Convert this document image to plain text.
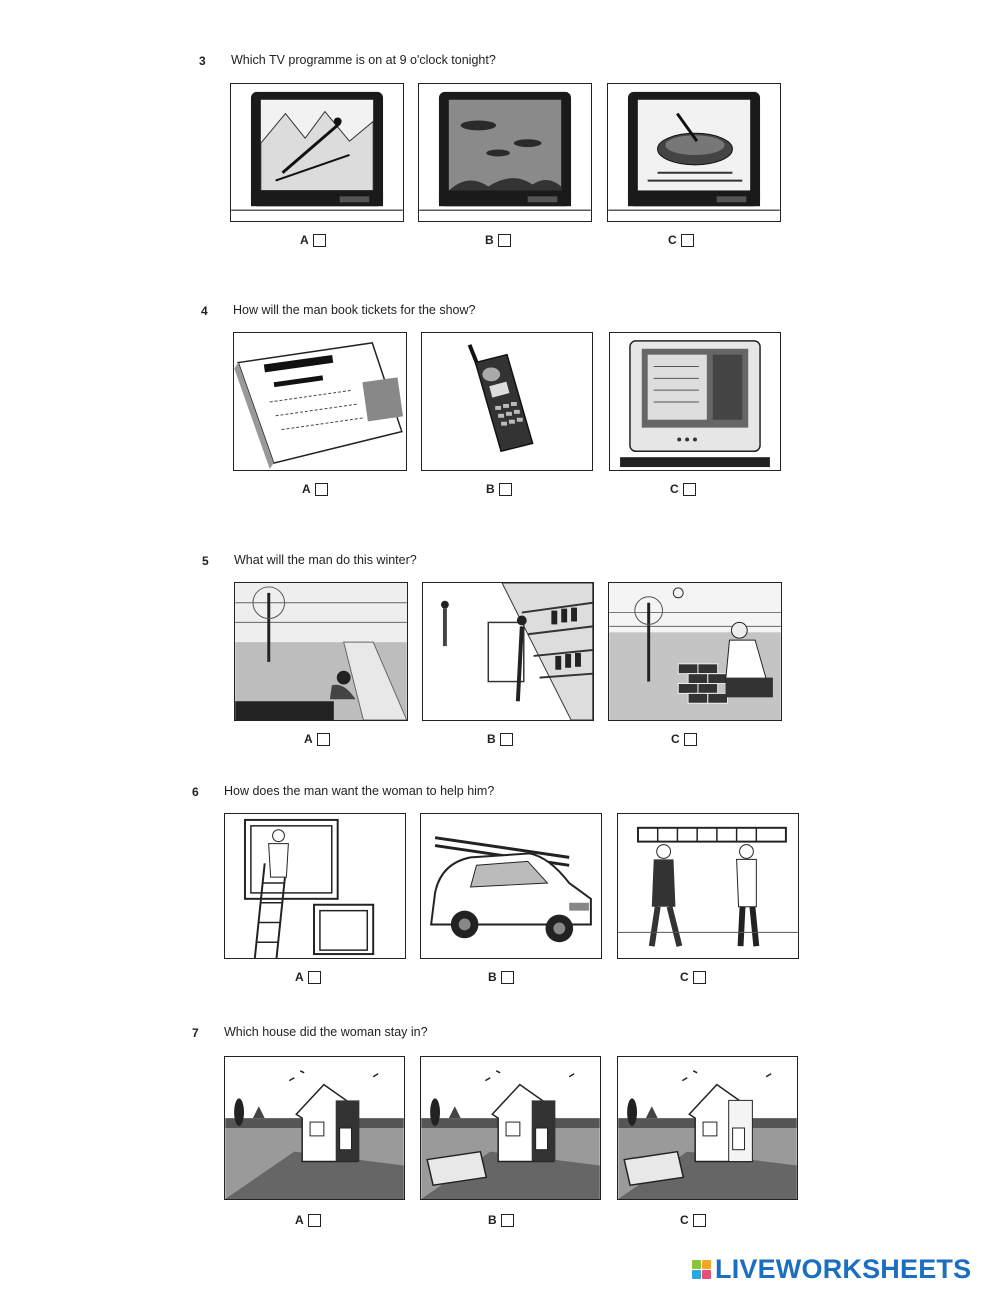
3 Which TV programme is on at 9 o'clock tonight?
A	B	C
4 How will the man book tickets for the show?
A	B	C
5 What will the man do this winter?
A	B	C
6 How does the man want the woman to help him?
A	B	C
7 Which house did the woman stay in?
A	B	C
LIVEWORKSHEETS
